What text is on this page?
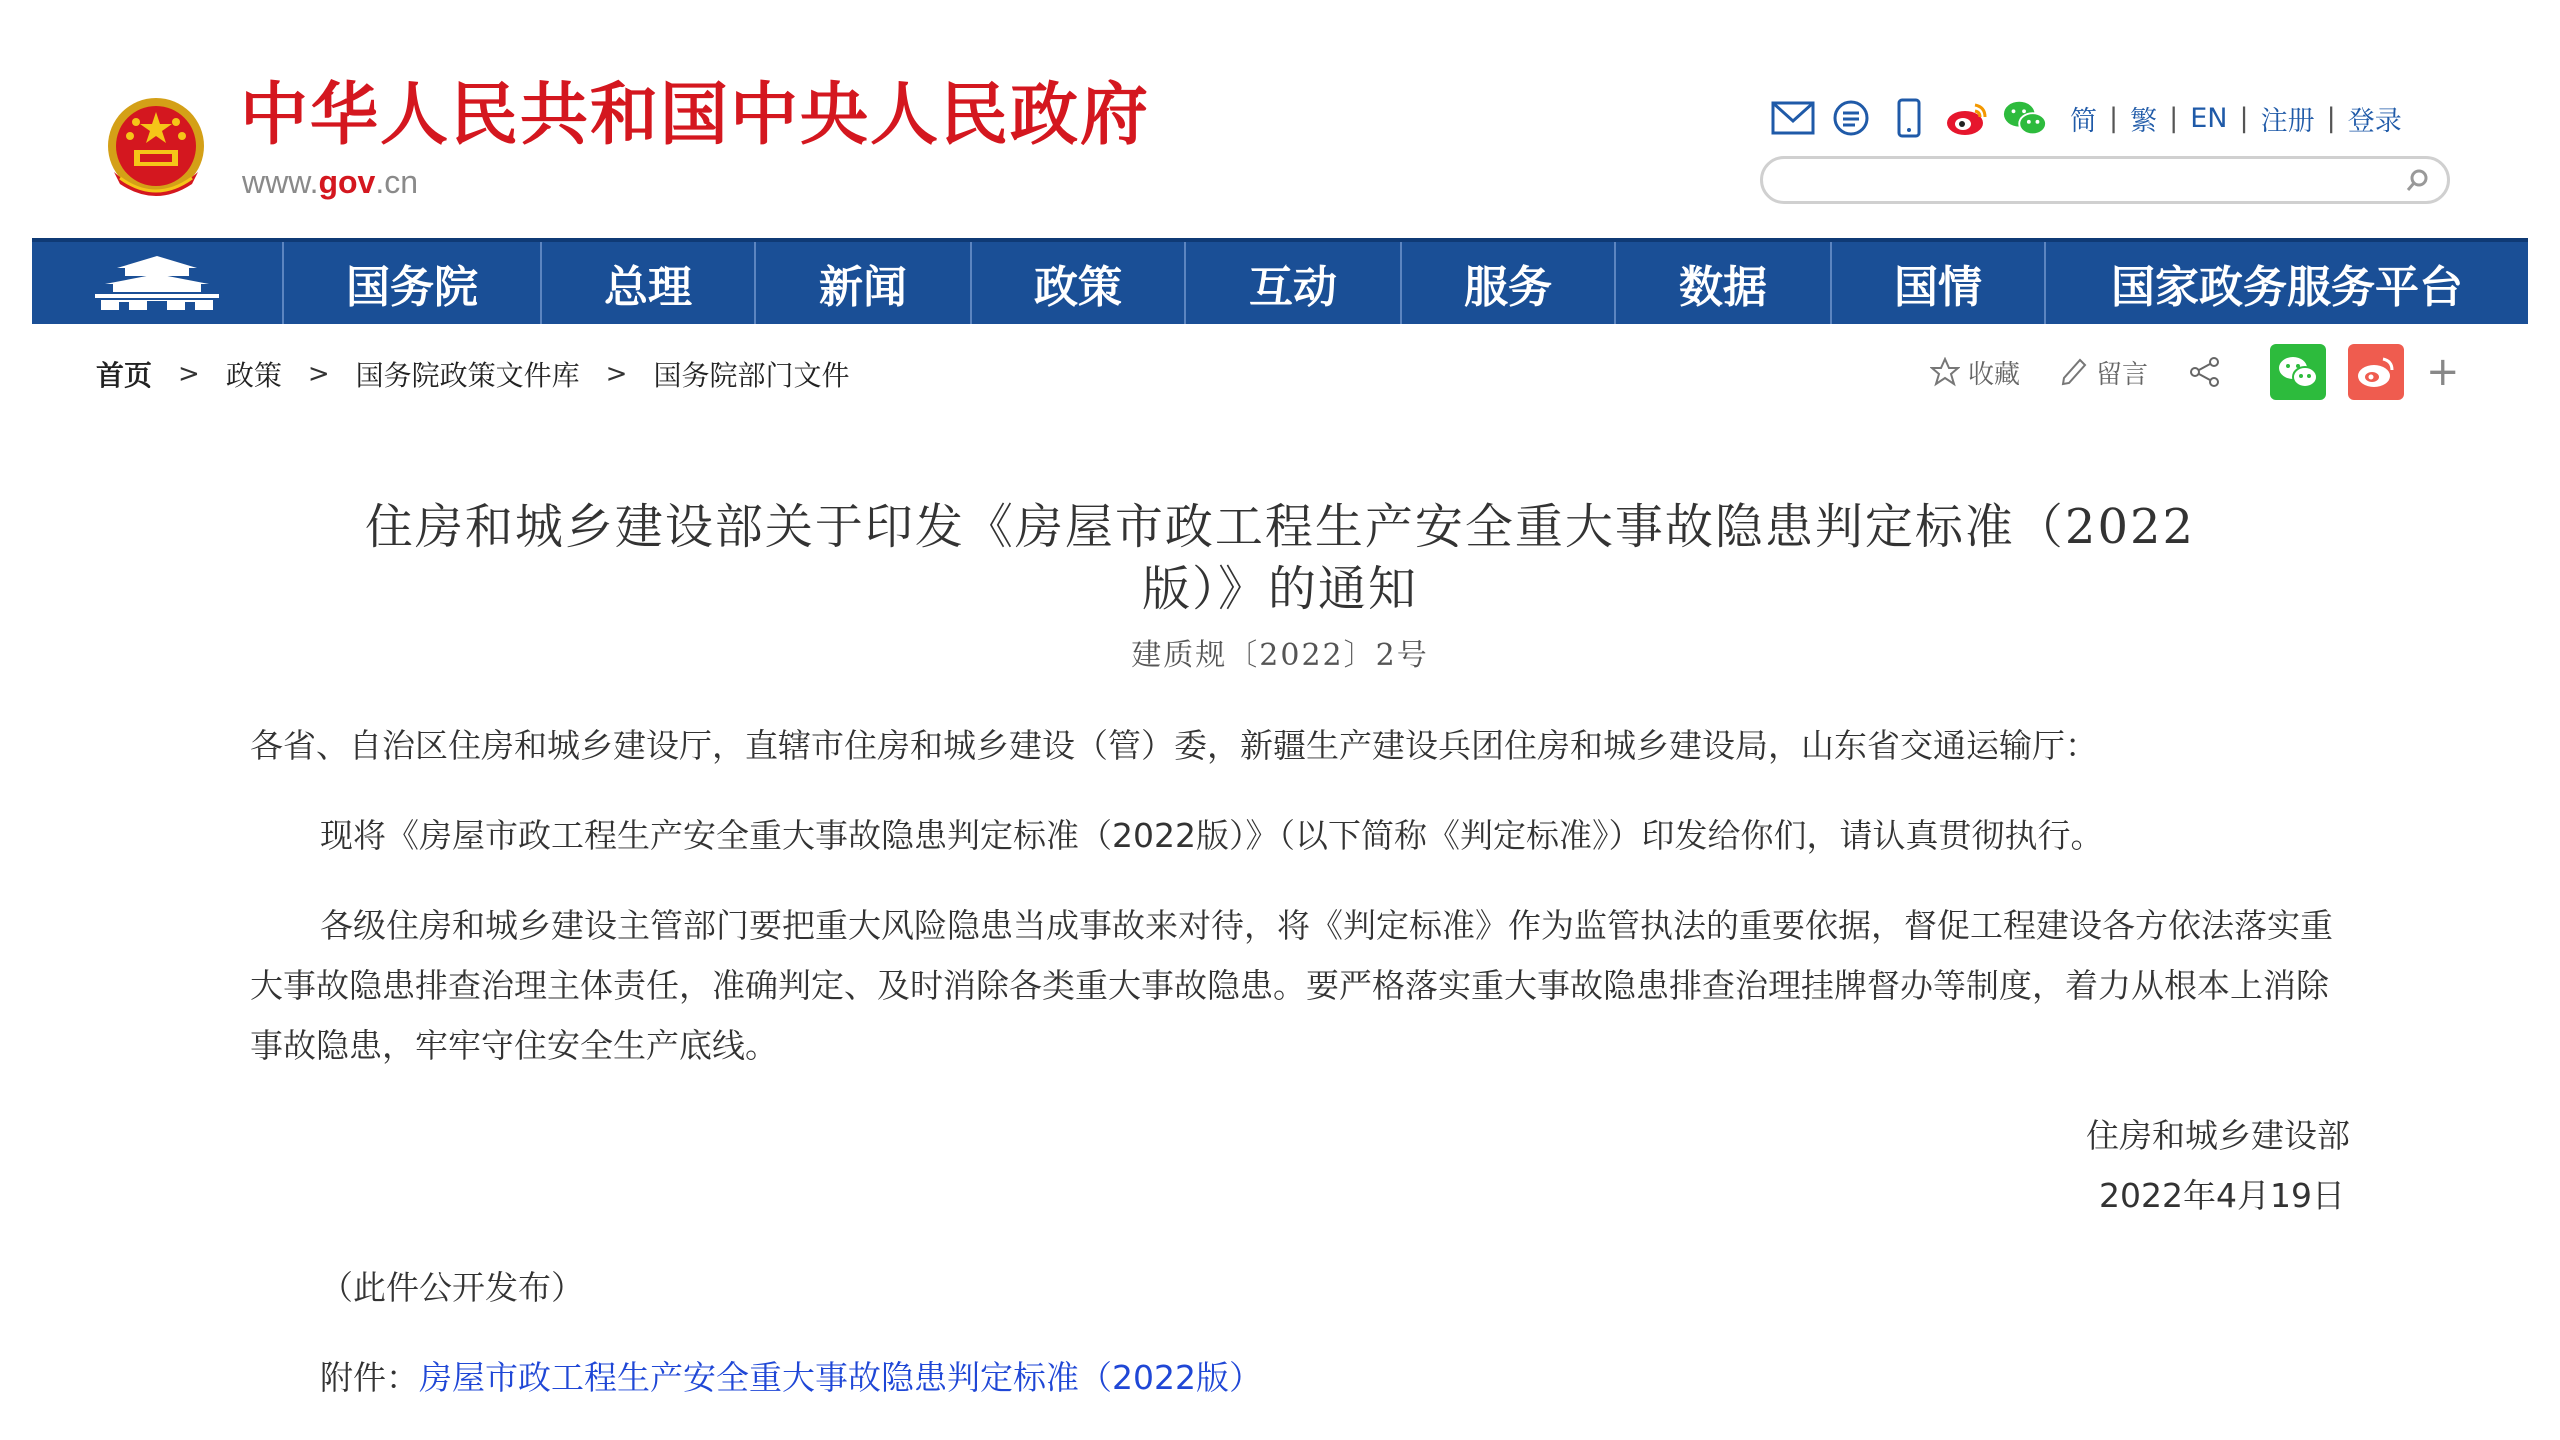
中华人民共和国中央人民政府
www.gov.cn
简 | 繁 | EN | 注册 | 登录
国务院	总理	新闻	政策	互动	服务	数据	国情	国家政务服务平台
首页 > 政策 > 国务院政策文件库 > 国务院部门文件	收藏	留言	+
住房和城乡建设部关于印发《房屋市政工程生产安全重大事故隐患判定标准（2022
版）》的通知
建质规〔2022〕2号
各省、自治区住房和城乡建设厅，直辖市住房和城乡建设（管）委，新疆生产建设兵团住房和城乡建设局，山东省交通运输厅：
现将《房屋市政工程生产安全重大事故隐患判定标准（2022版）》（以下简称《判定标准》）印发给你们，请认真贯彻执行。
各级住房和城乡建设主管部门要把重大风险隐患当成事故来对待，将《判定标准》作为监管执法的重要依据，督促工程建设各方依法落实重大事故隐患排查治理主体责任，准确判定、及时消除各类重大事故隐患。要严格落实重大事故隐患排查治理挂牌督办等制度，着力从根本上消除事故隐患，牢牢守住安全生产底线。
住房和城乡建设部
2022年4月19日
（此件公开发布）
附件：房屋市政工程生产安全重大事故隐患判定标准（2022版）
